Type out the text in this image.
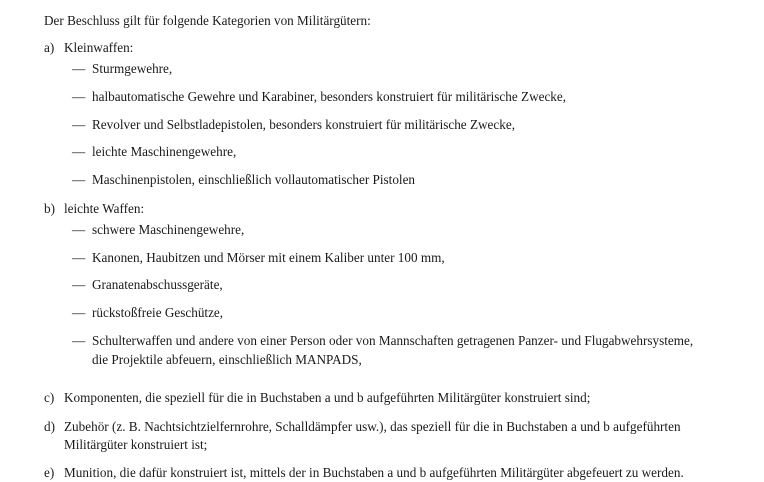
Der Beschluss gilt für folgende Kategorien von Militärgütern:

a) Kleinwaffen:
— Sturmgewehre,
— halbautomatische Gewehre und Karabiner, besonders konstruiert für militärische Zwecke,
— Revolver und Selbstladepistolen, besonders konstruiert für militärische Zwecke,
— leichte Maschinengewehre,
— Maschinenpistolen, einschließlich vollautomatischer Pistolen
b) leichte Waffen:
— schwere Maschinengewehre,
— Kanonen, Haubitzen und Mörser mit einem Kaliber unter 100 mm,
— Granatenabschussgeräte,
— rückstoßfreie Geschütze,
— Schulterwaffen und andere von einer Person oder von Mannschaften getragenen Panzer- und Flugabwehrsysteme, die Projektile abfeuern, einschließlich MANPADS,
c) Komponenten, die speziell für die in Buchstaben a und b aufgeführten Militärgüter konstruiert sind;
d) Zubehör (z. B. Nachtsichtzielfernrohre, Schalldämpfer usw.), das speziell für die in Buchstaben a und b aufgeführten Militärgüter konstruiert ist;
e) Munition, die dafür konstruiert ist, mittels der in Buchstaben a und b aufgeführten Militärgüter abgefeuert zu werden.
